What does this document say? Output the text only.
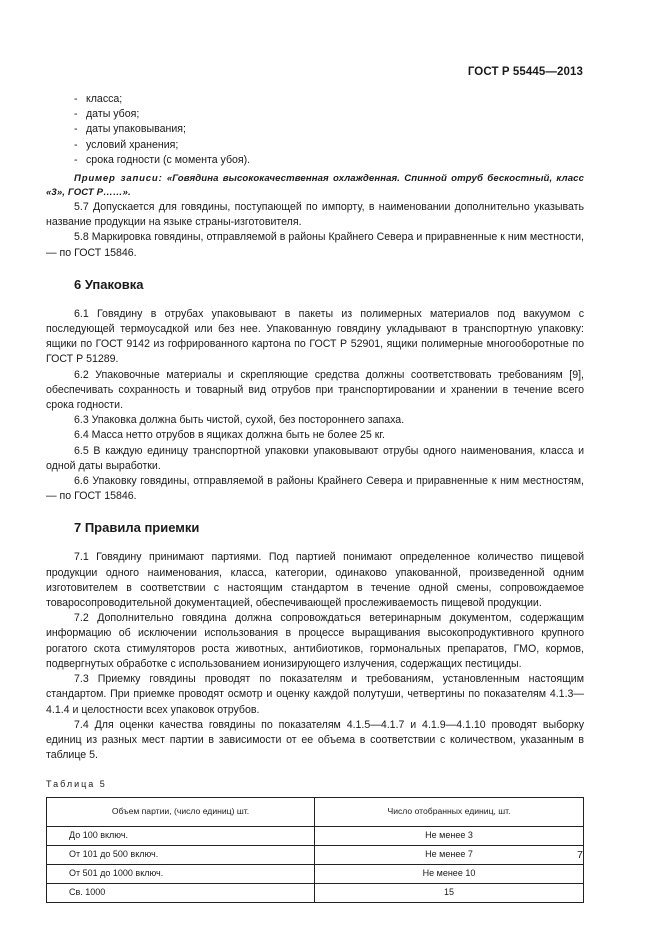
ГОСТ Р 55445—2013
- класса;
- даты убоя;
- даты упаковывания;
- условий хранения;
- срока годности (с момента убоя).
Пример записи: «Говядина высококачественная охлажденная. Спинной отруб бескостный, класс «3», ГОСТ Р……».

5.7 Допускается для говядины, поступающей по импорту, в наименовании дополнительно указывать название продукции на языке страны-изготовителя.

5.8 Маркировка говядины, отправляемой в районы Крайнего Севера и приравненные к ним местности, — по ГОСТ 15846.

6 Упаковка

6.1 Говядину в отрубах упаковывают в пакеты из полимерных материалов под вакуумом с последующей термоусадкой или без нее. Упакованную говядину укладывают в транспортную упаковку: ящики по ГОСТ 9142 из гофрированного картона по ГОСТ Р 52901, ящики полимерные многооборотные по ГОСТ Р 51289.

6.2 Упаковочные материалы и скрепляющие средства должны соответствовать требованиям [9], обеспечивать сохранность и товарный вид отрубов при транспортировании и хранении в течение всего срока годности.

6.3 Упаковка должна быть чистой, сухой, без постороннего запаха.

6.4 Масса нетто отрубов в ящиках должна быть не более 25 кг.

6.5 В каждую единицу транспортной упаковки упаковывают отрубы одного наименования, класса и одной даты выработки.

6.6 Упаковку говядины, отправляемой в районы Крайнего Севера и приравненные к ним местностям, — по ГОСТ 15846.

7 Правила приемки

7.1 Говядину принимают партиями. Под партией понимают определенное количество пищевой продукции одного наименования, класса, категории, одинаково упакованной, произведенной одним изготовителем в соответствии с настоящим стандартом в течение одной смены, сопровождаемое товаросопроводительной документацией, обеспечивающей прослеживаемость пищевой продукции.

7.2 Дополнительно говядина должна сопровождаться ветеринарным документом, содержащим информацию об исключении использования в процессе выращивания высокопродуктивного крупного рогатого скота стимуляторов роста животных, антибиотиков, гормональных препаратов, ГМО, кормов, подвергнутых обработке с использованием ионизирующего излучения, содержащих пестициды.

7.3 Приемку говядины проводят по показателям и требованиям, установленным настоящим стандартом. При приемке проводят осмотр и оценку каждой полутуши, четвертины по показателям 4.1.3—4.1.4 и целостности всех упаковок отрубов.

7.4 Для оценки качества говядины по показателям 4.1.5—4.1.7 и 4.1.9—4.1.10 проводят выборку единиц из разных мест партии в зависимости от ее объема в соответствии с количеством, указанным в таблице 5.

Таблица 5
Объем партии, (число единиц) шт.	Число отобранных единиц, шт.
До 100 включ.	Не менее 3
От 101 до 500 включ.	Не менее 7
От 501 до 1000 включ.	Не менее 10
Св. 1000	15
7
